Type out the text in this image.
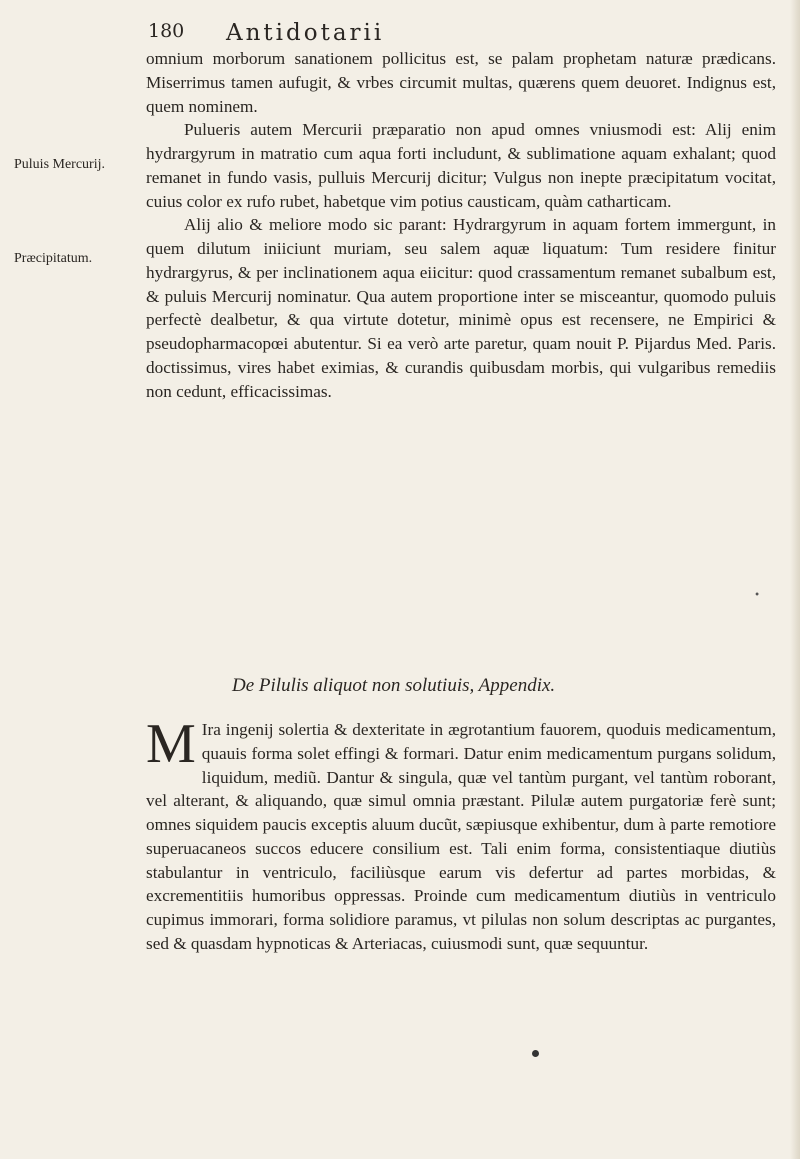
180 Antidotarii
Puluis Mercurij.
Præcipitatum.

omnium morborum sanationem pollicitus est, se palam prophetam naturæ prædicans. Miserrimus tamen aufugit, & vrbes circumit multas, quærens quem deuoret. Indignus est, quem nominem.

Pulueris autem Mercurii præparatio non apud omnes vniusmodi est: Alij enim hydrargyrum in matratio cum aqua forti includunt, & sublimatione aquam exhalant; quod remanet in fundo vasis, pulluis Mercurij dicitur; Vulgus non inepte præcipitatum vocitat, cuius color ex rufo rubet, habetque vim potius causticam, quàm catharticam.

Alij alio & meliore modo sic parant: Hydrargyrum in aquam fortem immergunt, in quem dilutum iniiciunt muriam, seu salem aquæ liquatum: Tum residere finitur hydrargyrus, & per inclinationem aqua eiicitur: quod crassamentum remanet subalbum est, & puluis Mercurij nominatur. Qua autem proportione inter se misceantur, quomodo puluis perfectè dealbetur, & qua virtute dotetur, minimè opus est recensere, ne Empirici & pseudopharmacopœi abutentur. Si ea verò arte paretur, quam nouit P. Pijardus Med. Paris. doctissimus, vires habet eximias, & curandis quibusdam morbis, qui vulgaribus remediis non cedunt, efficacissimas.

•
De Pilulis aliquot non solutiuis, Appendix.
M Ira ingenij solertia & dexteritate in ægrotantium fauorem, quoduis medicamentum, quauis forma solet effingi & formari. Datur enim medicamentum purgans solidum, liquidum, mediũ. Dantur & singula, quæ vel tantùm purgant, vel tantùm roborant, vel alterant, & aliquando, quæ simul omnia præstant. Pilulæ autem purgatoriæ ferè sunt; omnes siquidem paucis exceptis aluum ducũt, sæpiusque exhibentur, dum à parte remotiore superuacaneos succos educere consilium est. Tali enim forma, consistentiaque diutiùs stabulantur in ventriculo, faciliùsque earum vis defertur ad partes morbidas, & excrementitiis humoribus oppressas. Proinde cum medicamentum diutiùs in ventriculo cupimus immorari, forma solidiore paramus, vt pilulas non solum descriptas ac purgantes, sed & quasdam hypnoticas & Arteriacas, cuiusmodi sunt, quæ sequuntur.
